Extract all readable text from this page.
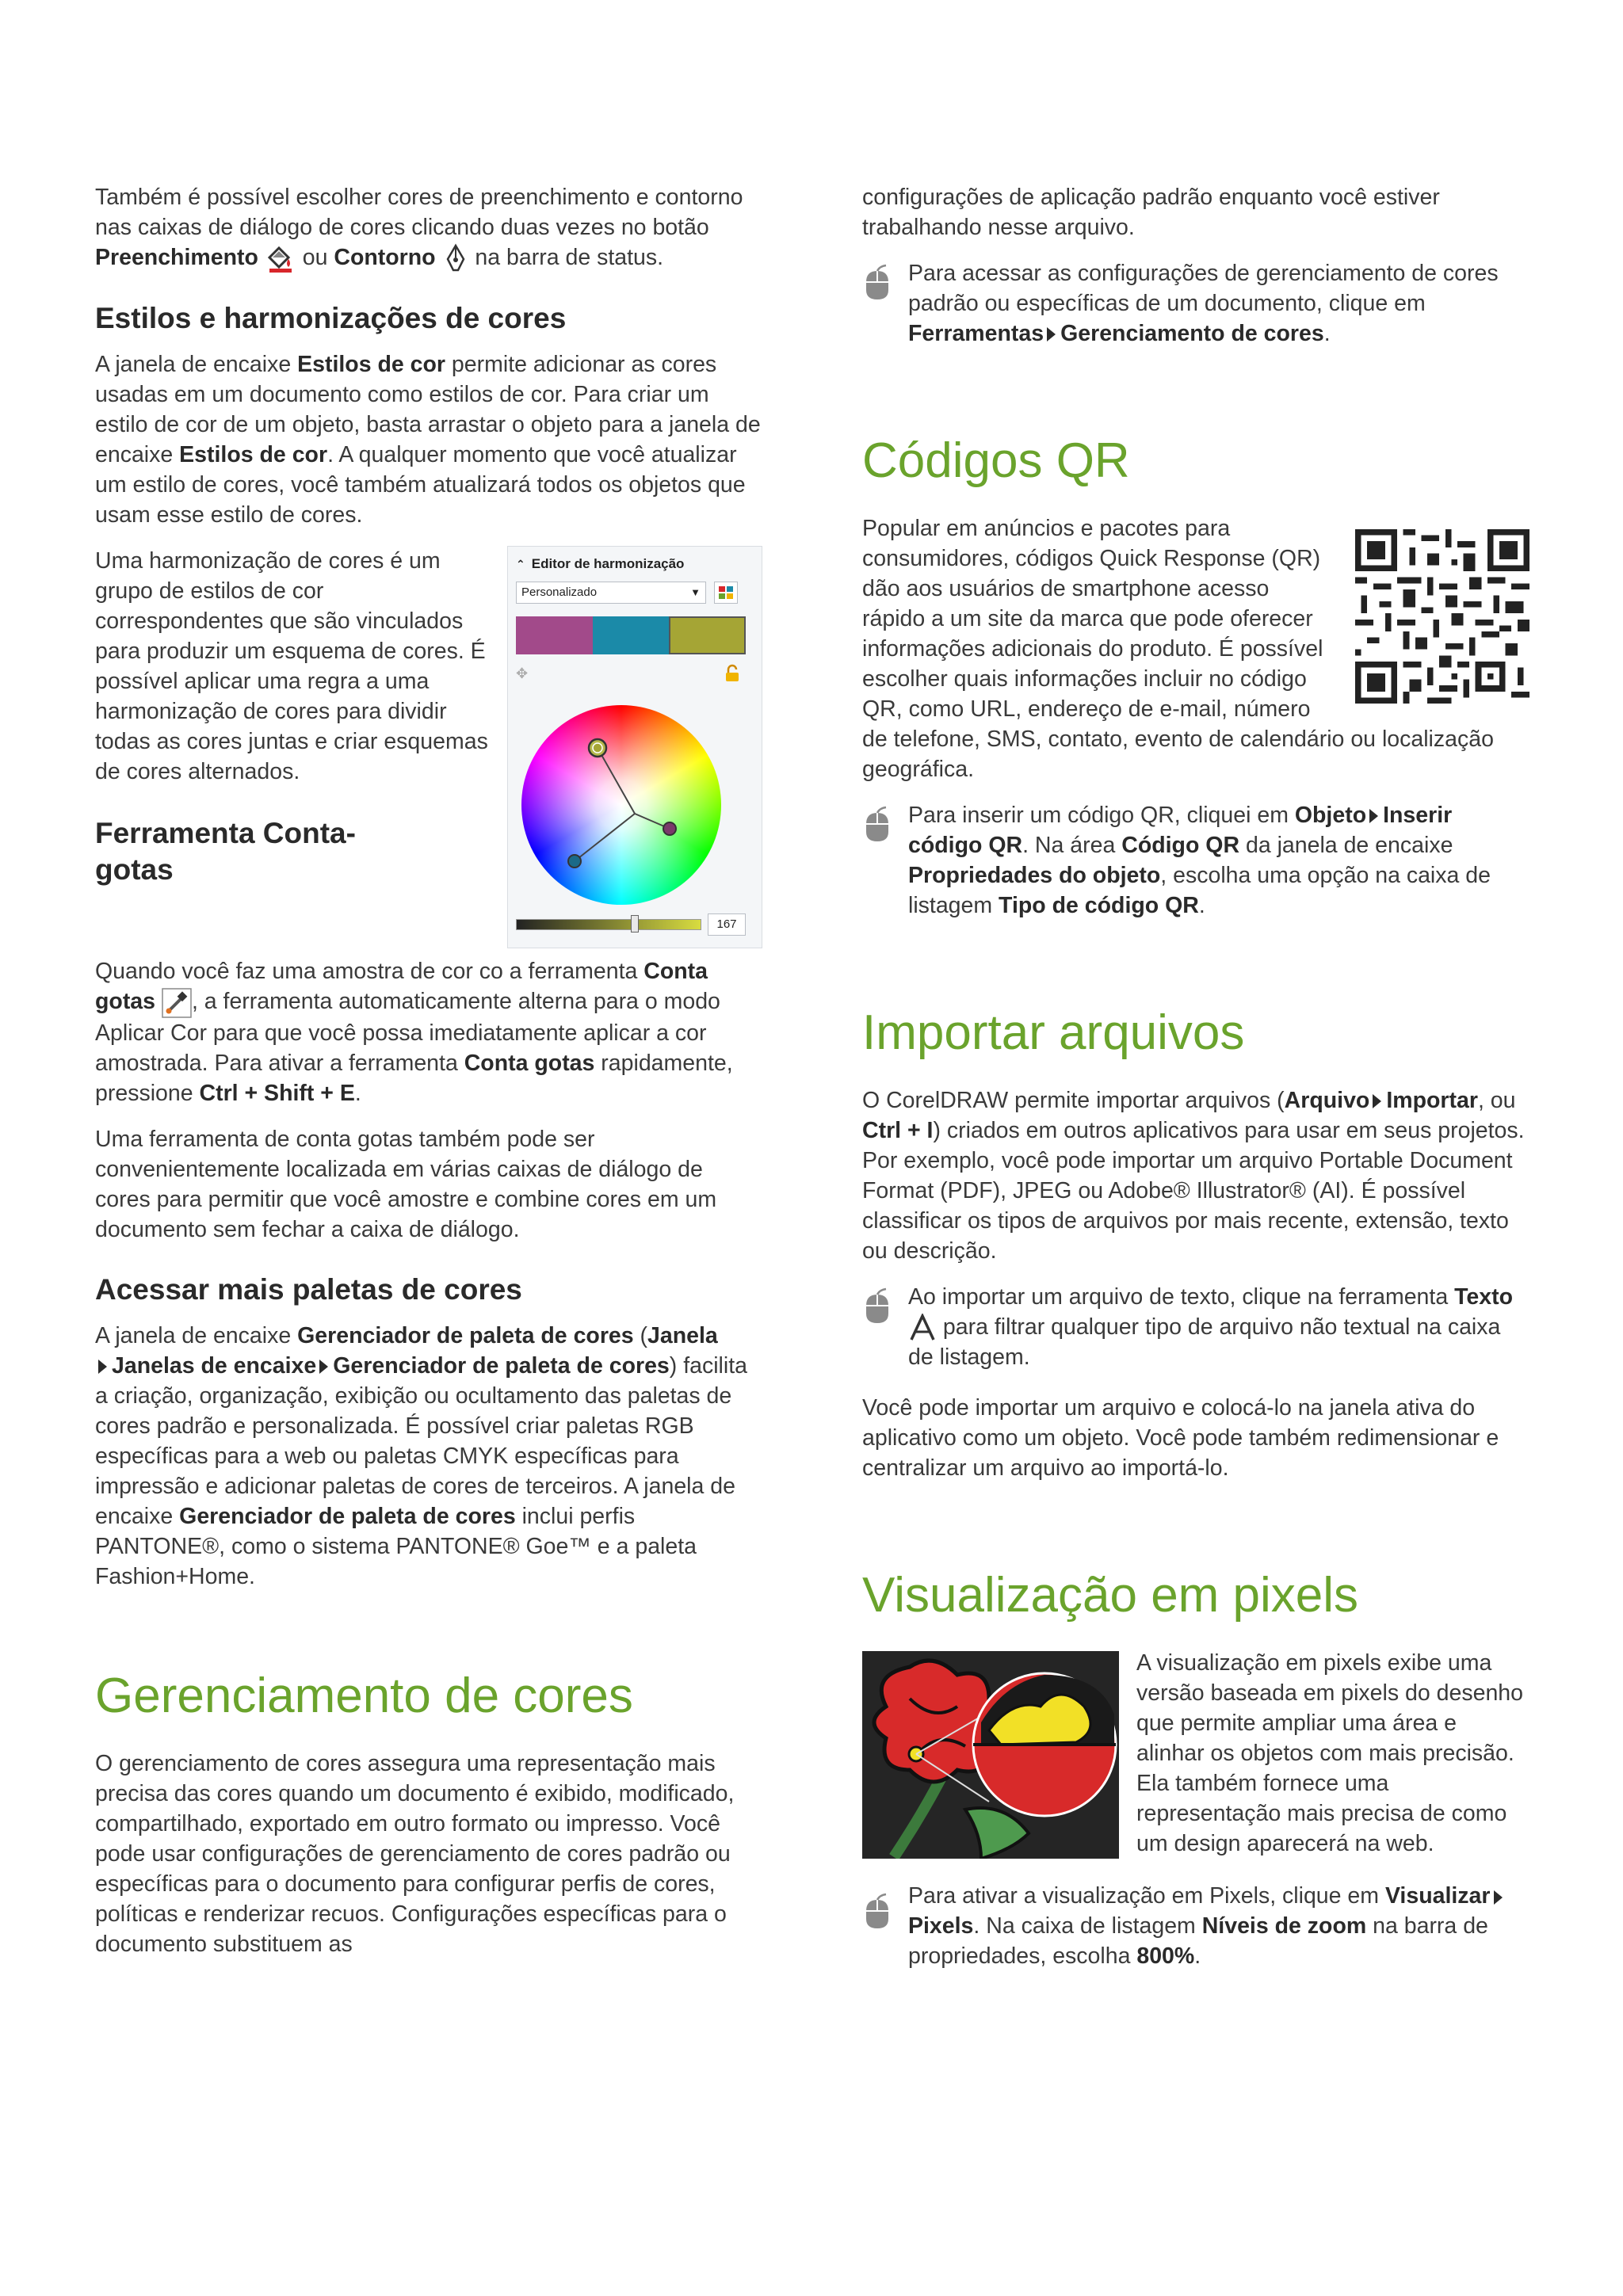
Também é possível escolher cores de preenchimento e contorno nas caixas de diálogo de cores clicando duas vezes no botão Preenchimento  ou Contorno  na barra de status.

Estilos e harmonizações de cores

A janela de encaixe Estilos de cor permite adicionar as cores usadas em um documento como estilos de cor. Para criar um estilo de cor de um objeto, basta arrastar o objeto para a janela de encaixe Estilos de cor. A qualquer momento que você atualizar um estilo de cores, você também atualizará todos os objetos que usam esse estilo de cores.

⌃ Editor de harmonização
Personalizado	▼
✥
167

Uma harmonização de cores é um grupo de estilos de cor correspondentes que são vinculados para produzir um esquema de cores. É possível aplicar uma regra a uma harmonização de cores para dividir todas as cores juntas e criar esquemas de cores alternados.

Ferramenta Conta-gotas

Quando você faz uma amostra de cor co a ferramenta Conta gotas , a ferramenta automaticamente alterna para o modo Aplicar Cor para que você possa imediatamente aplicar a cor amostrada. Para ativar a ferramenta Conta gotas rapidamente, pressione Ctrl + Shift + E.

Uma ferramenta de conta gotas também pode ser convenientemente localizada em várias caixas de diálogo de cores para permitir que você amostre e combine cores em um documento sem fechar a caixa de diálogo.

Acessar mais paletas de cores

A janela de encaixe Gerenciador de paleta de cores (Janela
Janelas de encaixe Gerenciador de paleta de cores) facilita a criação, organização, exibição ou ocultamento das paletas de cores padrão e personalizada. É possível criar paletas RGB específicas para a web ou paletas CMYK específicas para impressão e adicionar paletas de cores de terceiros. A janela de encaixe Gerenciador de paleta de cores inclui perfis PANTONE®, como o sistema PANTONE® Goe™ e a paleta Fashion+Home.

Gerenciamento de cores

O gerenciamento de cores assegura uma representação mais precisa das cores quando um documento é exibido, modificado, compartilhado, exportado em outro formato ou impresso. Você pode usar configurações de gerenciamento de cores padrão ou específicas para o documento para configurar perfis de cores, políticas e renderizar recuos. Configurações específicas para o documento substituem as

configurações de aplicação padrão enquanto você estiver trabalhando nesse arquivo.

Para acessar as configurações de gerenciamento de cores padrão ou específicas de um documento, clique em Ferramentas Gerenciamento de cores.

Códigos QR

Popular em anúncios e pacotes para consumidores, códigos Quick Response (QR) dão aos usuários de smartphone acesso rápido a um site da marca que pode oferecer informações adicionais do produto. É possível escolher quais informações incluir no código QR, como URL, endereço de e-mail, número de telefone, SMS, contato, evento de calendário ou localização geográfica.

Para inserir um código QR, cliquei em Objeto Inserir código QR. Na área Código QR da janela de encaixe Propriedades do objeto, escolha uma opção na caixa de listagem Tipo de código QR.

Importar arquivos

O CorelDRAW permite importar arquivos (Arquivo Importar, ou Ctrl + I) criados em outros aplicativos para usar em seus projetos. Por exemplo, você pode importar um arquivo Portable Document Format (PDF), JPEG ou Adobe® Illustrator® (AI). É possível classificar os tipos de arquivos por mais recente, extensão, texto ou descrição.

Ao importar um arquivo de texto, clique na ferramenta Texto  para filtrar qualquer tipo de arquivo não textual na caixa de listagem.

Você pode importar um arquivo e colocá-lo na janela ativa do aplicativo como um objeto. Você pode também redimensionar e centralizar um arquivo ao importá-lo.

Visualização em pixels

A visualização em pixels exibe uma versão baseada em pixels do desenho que permite ampliar uma área e alinhar os objetos com mais precisão. Ela também fornece uma representação mais precisa de como um design aparecerá na web.

Para ativar a visualização em Pixels, clique em VisualizarPixels. Na caixa de listagem Níveis de zoom na barra de propriedades, escolha 800%.
